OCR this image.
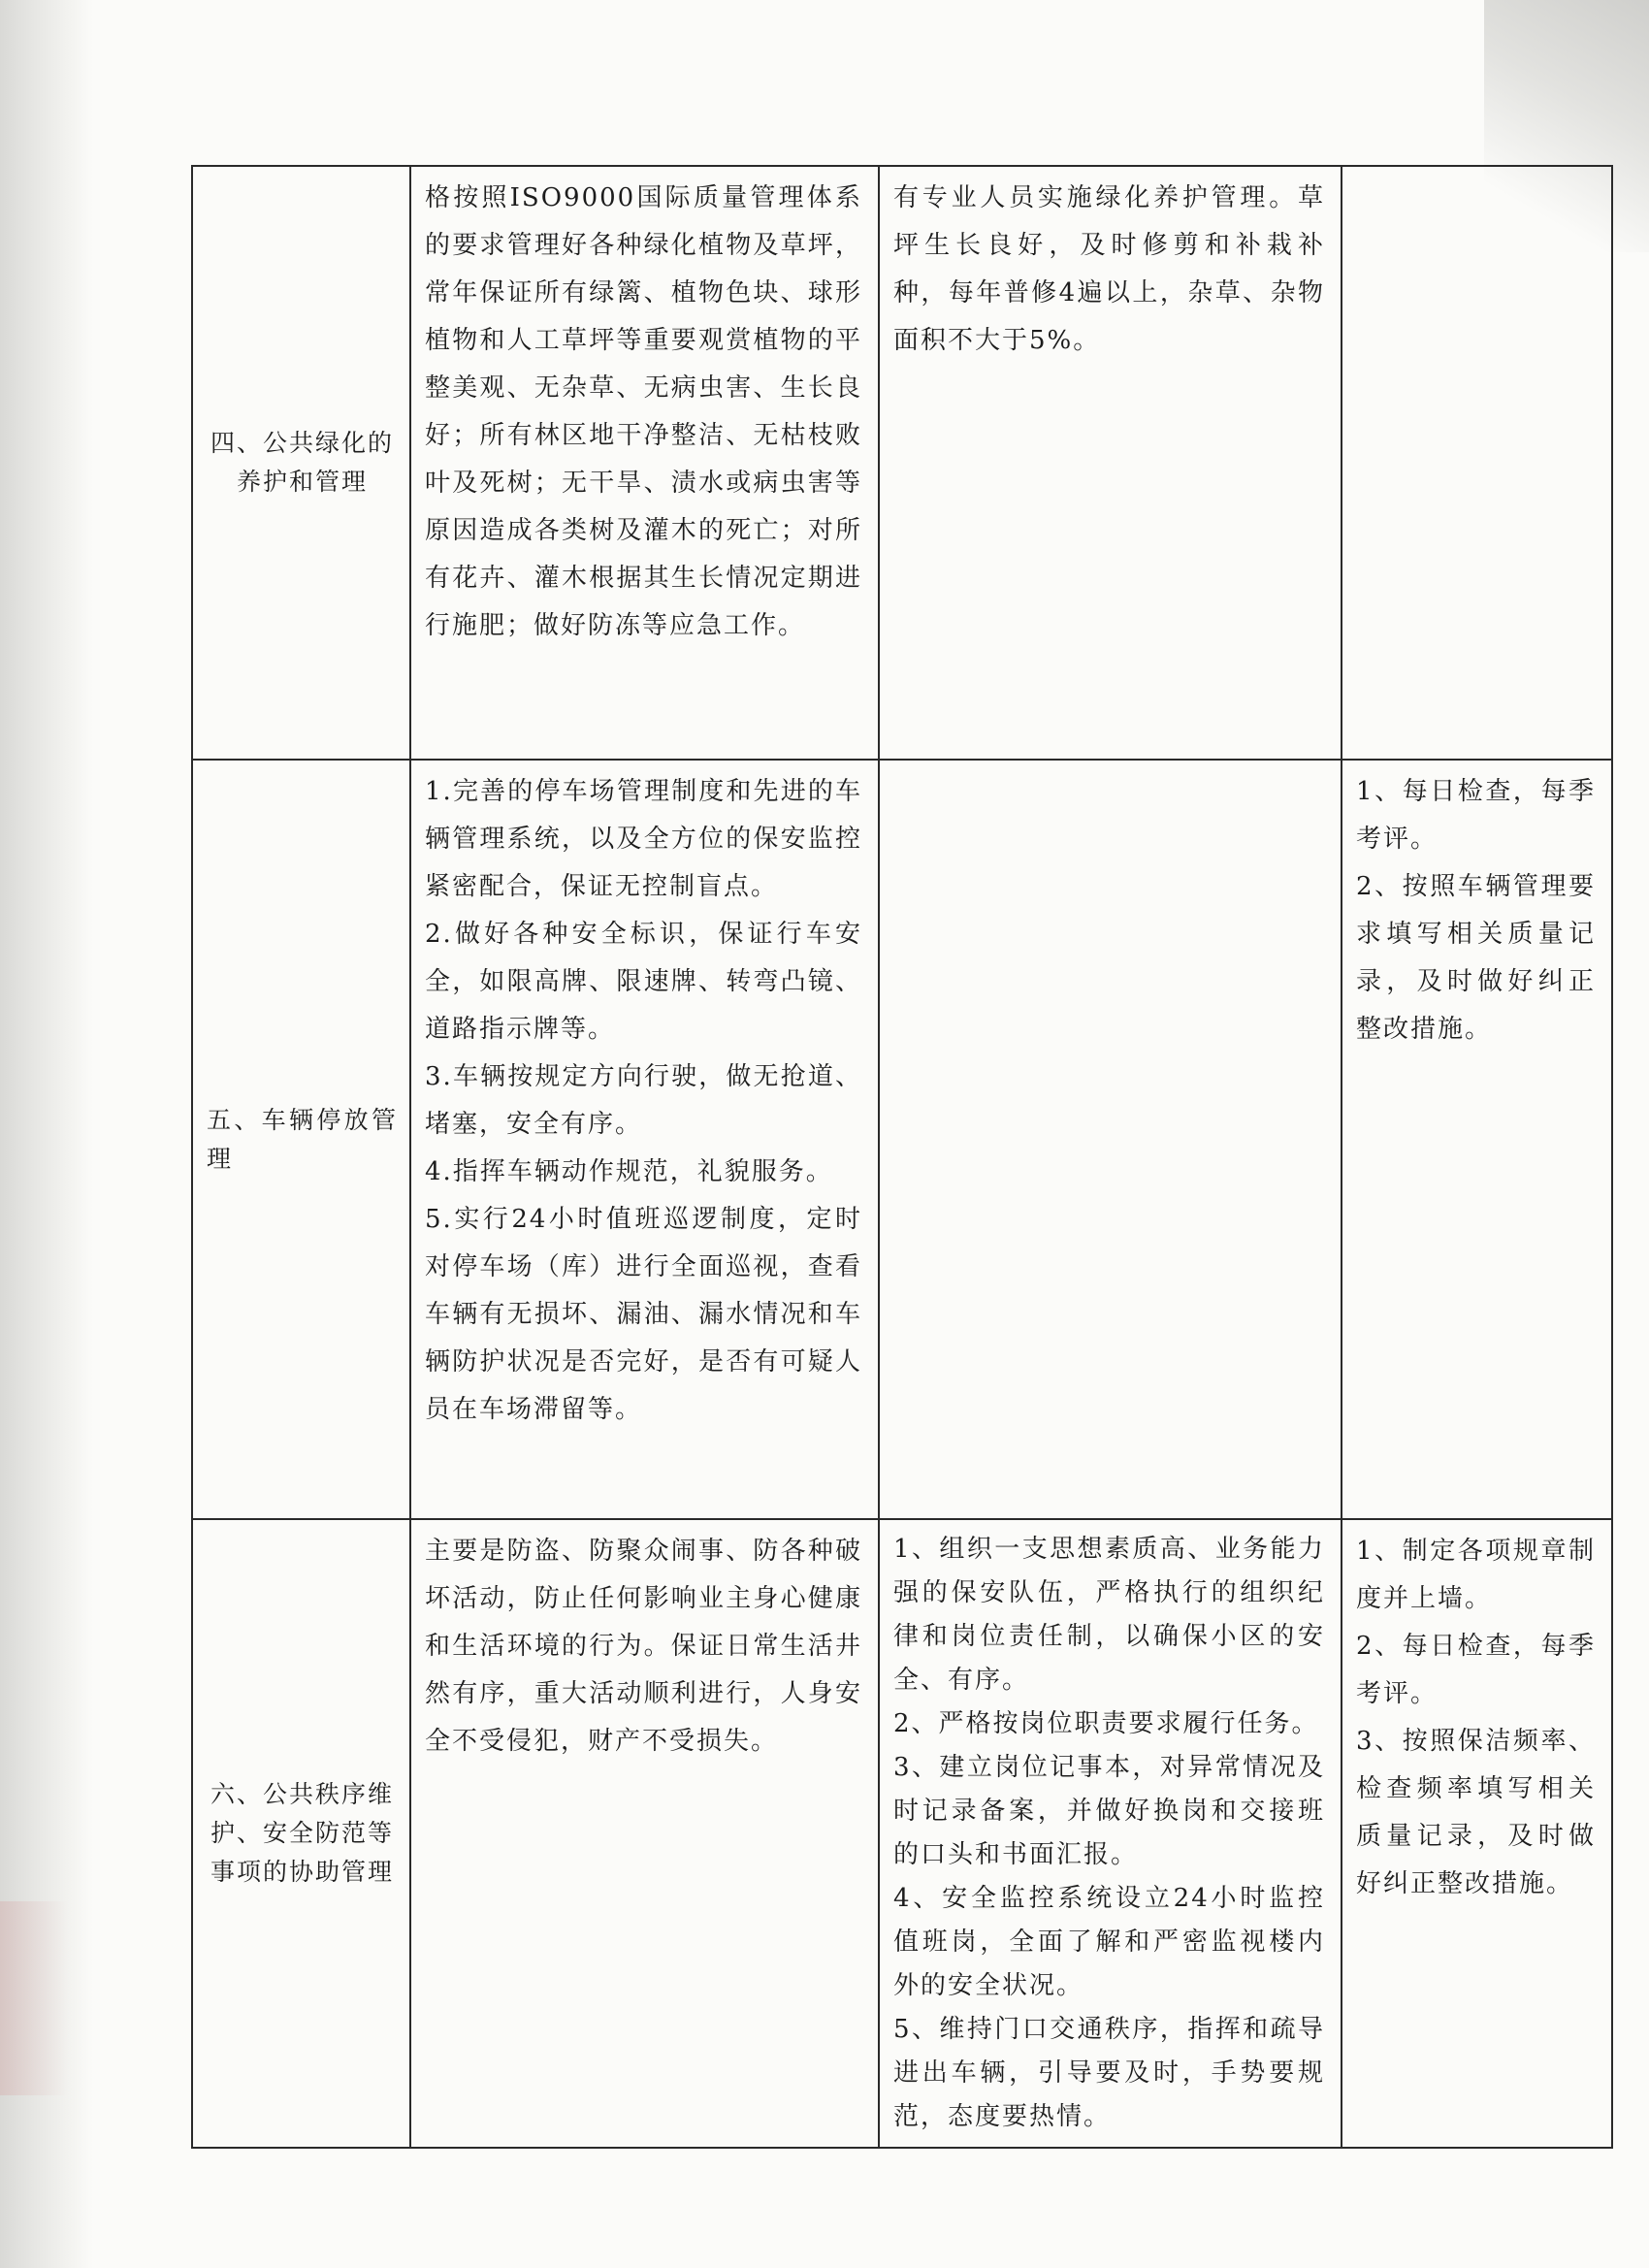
四、公共绿化的养护和管理	格按照ISO9000国际质量管理体系的要求管理好各种绿化植物及草坪，常年保证所有绿篱、植物色块、球形植物和人工草坪等重要观赏植物的平整美观、无杂草、无病虫害、生长良好；所有林区地干净整洁、无枯枝败叶及死树；无干旱、渍水或病虫害等原因造成各类树及灌木的死亡；对所有花卉、灌木根据其生长情况定期进行施肥；做好防冻等应急工作。	有专业人员实施绿化养护管理。草坪生长良好，及时修剪和补栽补种，每年普修4遍以上，杂草、杂物面积不大于5%。	

五、车辆停放管理	1.完善的停车场管理制度和先进的车辆管理系统，以及全方位的保安监控紧密配合，保证无控制盲点。
2.做好各种安全标识，保证行车安全，如限高牌、限速牌、转弯凸镜、道路指示牌等。
3.车辆按规定方向行驶，做无抢道、堵塞，安全有序。
4.指挥车辆动作规范，礼貌服务。
5.实行24小时值班巡逻制度，定时对停车场（库）进行全面巡视，查看车辆有无损坏、漏油、漏水情况和车辆防护状况是否完好，是否有可疑人员在车场滞留等。		1、每日检查，每季考评。
2、按照车辆管理要求填写相关质量记录，及时做好纠正整改措施。

六、公共秩序维护、安全防范等事项的协助管理	主要是防盗、防聚众闹事、防各种破坏活动，防止任何影响业主身心健康和生活环境的行为。保证日常生活井然有序，重大活动顺利进行，人身安全不受侵犯，财产不受损失。	1、组织一支思想素质高、业务能力强的保安队伍，严格执行的组织纪律和岗位责任制，以确保小区的安全、有序。
2、严格按岗位职责要求履行任务。
3、建立岗位记事本，对异常情况及时记录备案，并做好换岗和交接班的口头和书面汇报。
4、安全监控系统设立24小时监控值班岗，全面了解和严密监视楼内外的安全状况。
5、维持门口交通秩序，指挥和疏导进出车辆，引导要及时，手势要规范，态度要热情。	1、制定各项规章制度并上墙。
2、每日检查，每季考评。
3、按照保洁频率、检查频率填写相关质量记录，及时做好纠正整改措施。
